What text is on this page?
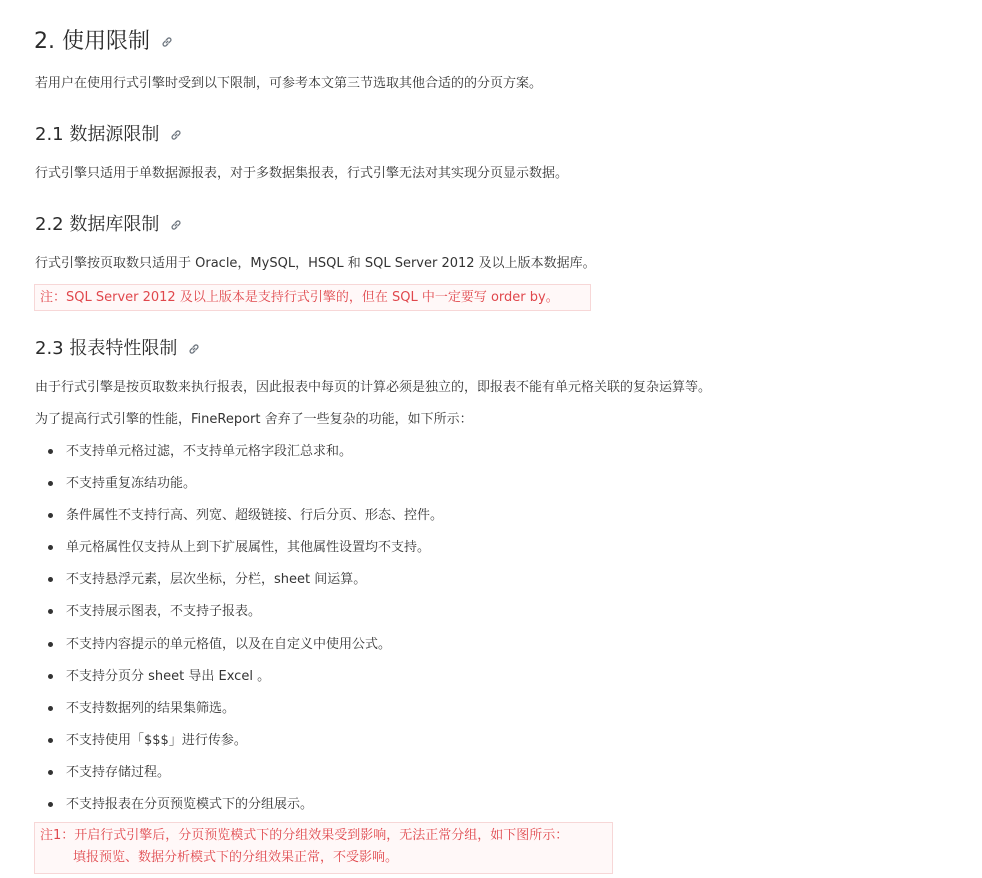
2. 使用限制
若用户在使用行式引擎时受到以下限制，可参考本文第三节选取其他合适的的分页方案。
2.1 数据源限制
行式引擎只适用于单数据源报表，对于多数据集报表，行式引擎无法对其实现分页显示数据。
2.2 数据库限制
行式引擎按页取数只适用于 Oracle，MySQL，HSQL 和 SQL Server 2012 及以上版本数据库。
注：SQL Server 2012 及以上版本是支持行式引擎的，但在 SQL 中一定要写 order by。
2.3 报表特性限制
由于行式引擎是按页取数来执行报表，因此报表中每页的计算必须是独立的，即报表不能有单元格关联的复杂运算等。
为了提高行式引擎的性能，FineReport 舍弃了一些复杂的功能，如下所示：
不支持单元格过滤，不支持单元格字段汇总求和。
不支持重复冻结功能。
条件属性不支持行高、列宽、超级链接、行后分页、形态、控件。
单元格属性仅支持从上到下扩展属性，其他属性设置均不支持。
不支持悬浮元素，层次坐标，分栏，sheet 间运算。
不支持展示图表，不支持子报表。
不支持内容提示的单元格值，以及在自定义中使用公式。
不支持分页分 sheet 导出 Excel 。
不支持数据列的结果集筛选。
不支持使用「$$$」进行传参。
不支持存储过程。
不支持报表在分页预览模式下的分组展示。
注1：开启行式引擎后，分页预览模式下的分组效果受到影响，无法正常分组，如下图所示：
填报预览、数据分析模式下的分组效果正常，不受影响。
